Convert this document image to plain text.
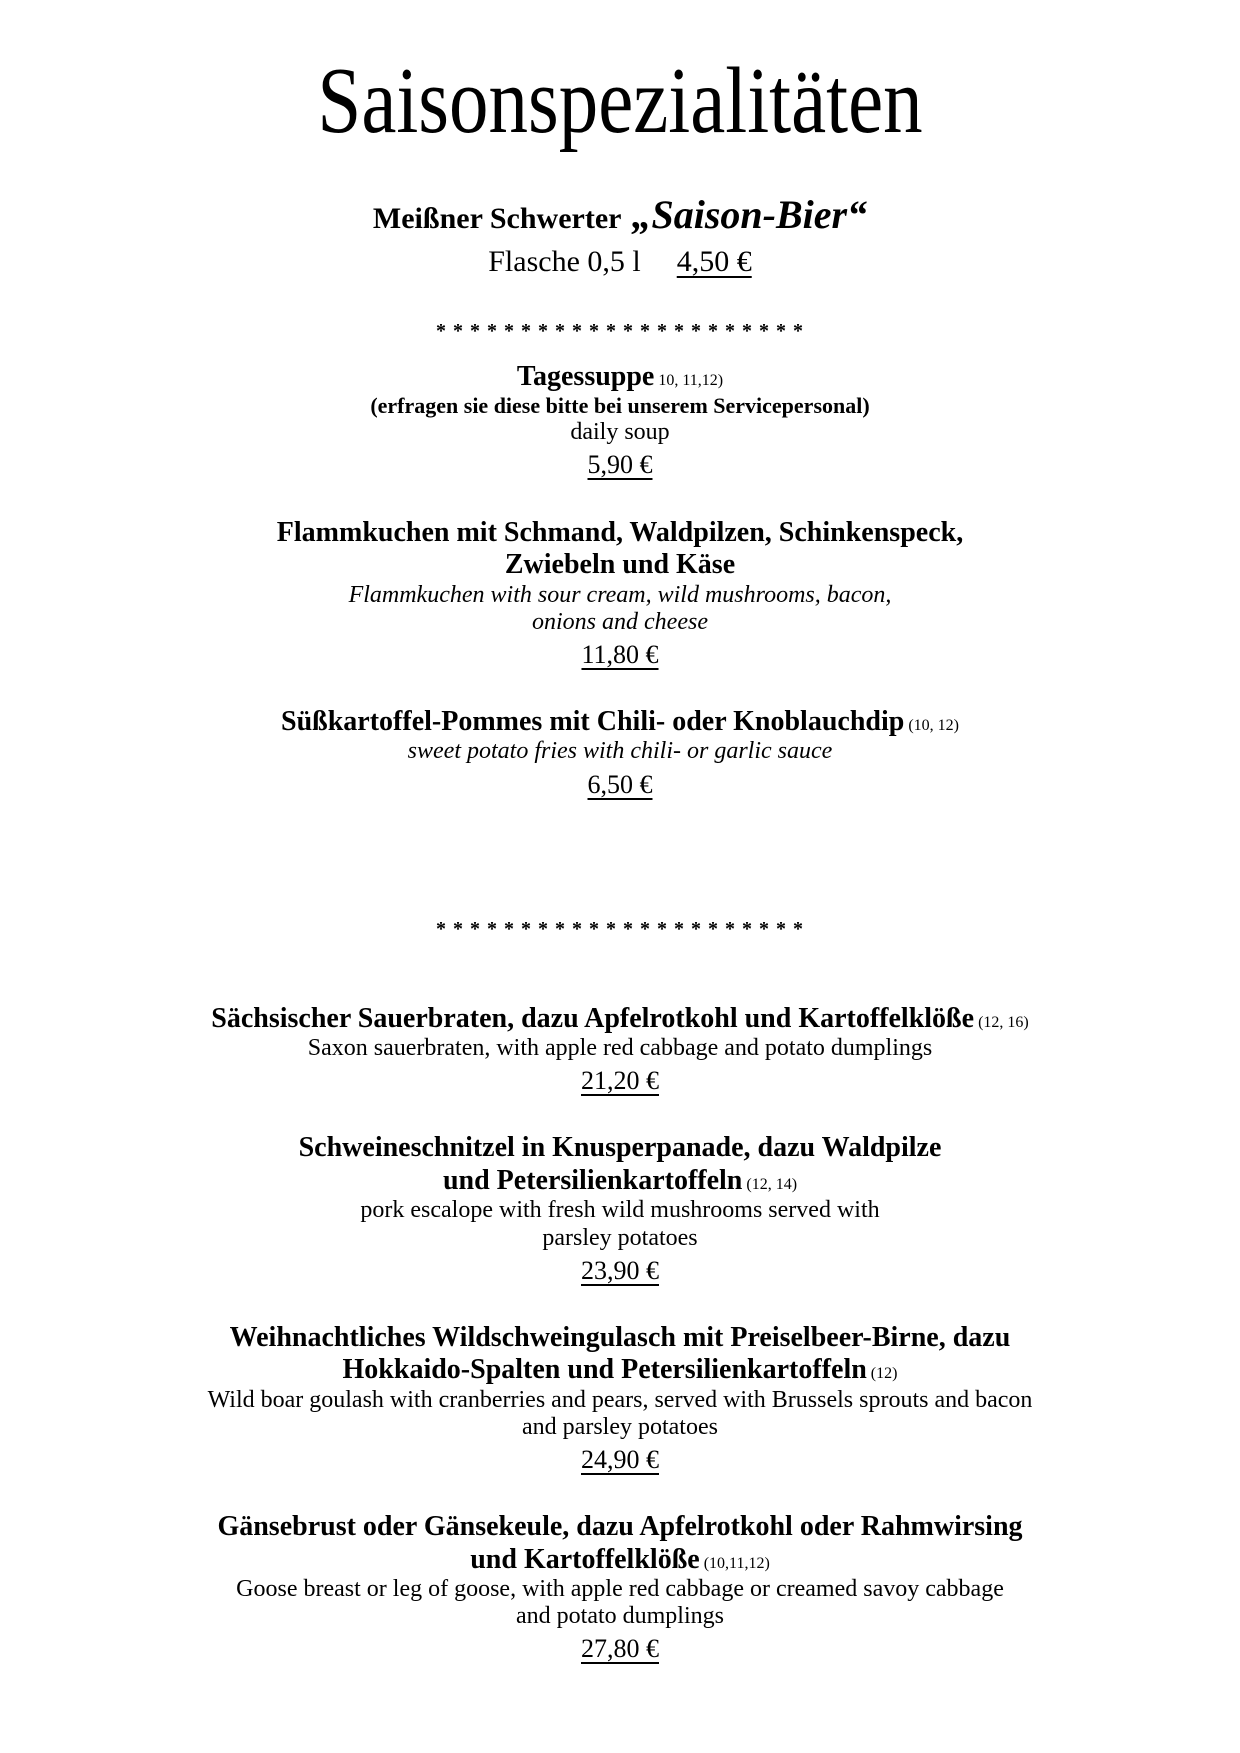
Saisonspezialitäten
Meißner Schwerter „Saison-Bier“
Flasche 0,5 l 4,50 €
* * * * * * * * * * * * * * * * * * * * * *
Tagessuppe 10, 11,12)
(erfragen sie diese bitte bei unserem Servicepersonal)
daily soup
5,90 €
Flammkuchen mit Schmand, Waldpilzen, Schinkenspeck,
Zwiebeln und Käse
Flammkuchen with sour cream, wild mushrooms, bacon,
onions and cheese
11,80 €
Süßkartoffel-Pommes mit Chili- oder Knoblauchdip (10, 12)
sweet potato fries with chili- or garlic sauce
6,50 €
* * * * * * * * * * * * * * * * * * * * * *
Sächsischer Sauerbraten, dazu Apfelrotkohl und Kartoffelklöße (12, 16)
Saxon sauerbraten, with apple red cabbage and potato dumplings
21,20 €
Schweineschnitzel in Knusperpanade, dazu Waldpilze
und Petersilienkartoffeln (12, 14)
pork escalope with fresh wild mushrooms served with
parsley potatoes
23,90 €
Weihnachtliches Wildschweingulasch mit Preiselbeer-Birne, dazu
Hokkaido-Spalten und Petersilienkartoffeln (12)
Wild boar goulash with cranberries and pears, served with Brussels sprouts and bacon
and parsley potatoes
24,90 €
Gänsebrust oder Gänsekeule, dazu Apfelrotkohl oder Rahmwirsing
und Kartoffelklöße (10,11,12)
Goose breast or leg of goose, with apple red cabbage or creamed savoy cabbage
and potato dumplings
27,80 €
